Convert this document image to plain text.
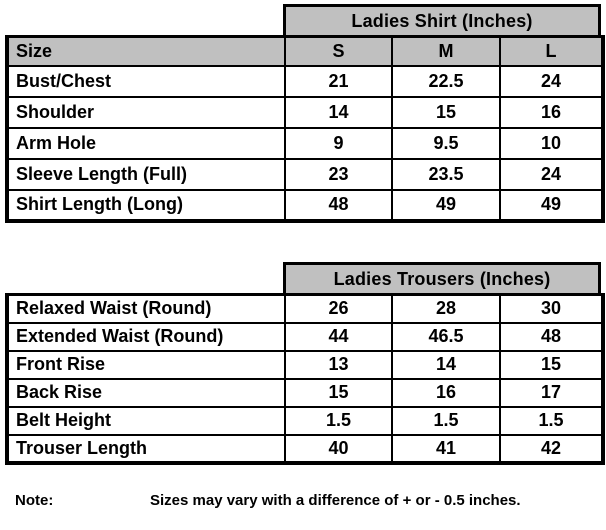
Ladies Shirt (Inches)
Size	S	M	L
Bust/Chest	21	22.5	24
Shoulder	14	15	16
Arm Hole	9	9.5	10
Sleeve Length (Full)	23	23.5	24
Shirt Length (Long)	48	49	49
Ladies Trousers (Inches)
Relaxed Waist (Round)	26	28	30
Extended Waist (Round)	44	46.5	48
Front Rise	13	14	15
Back Rise	15	16	17
Belt Height	1.5	1.5	1.5
Trouser Length	40	41	42
Note:	Sizes may vary with a difference of + or - 0.5 inches.
